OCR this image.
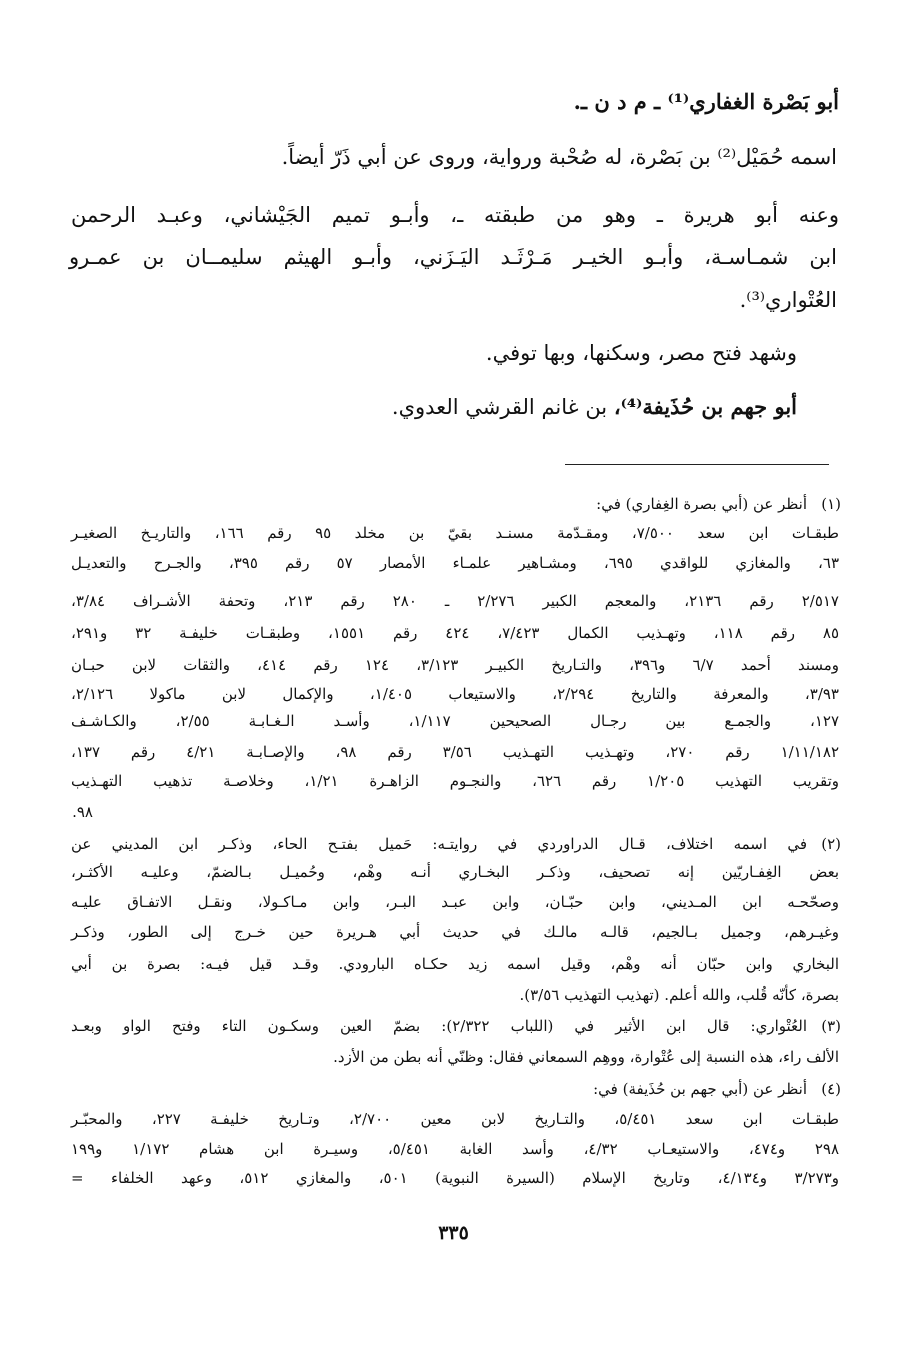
أبو بَصْرة الغفاري⁽¹⁾ ـ م د ن ـ.
اسمه حُمَيْل⁽²⁾ بن بَصْرة، له صُحْبة ورواية، وروى عن أبي ذَرّ أيضاً.
وعنه أبو هريرة ـ وهو من طبقته ـ، وأبـو تميم الجَيْشاني، وعبـد الرحمن
ابن شمـاسـة، وأبـو الخيـر مَـرْثَـد اليَـزَني، وأبـو الهيثم سليمــان بن عمـرو
العُتْواري⁽³⁾.
وشهد فتح مصر، وسكنها، وبها توفي.
أبو جهم بن حُذَيفة⁽⁴⁾، بن غانم القرشي العدوي.
(١)
أنظر عن (أبي بصرة الغِفاري) في:
طبقـات ابن سعد ٧/٥٠٠، ومقـدّمة مسنـد بقيّ بن مخلد ٩٥ رقم ١٦٦، والتاريـخ الصغيـر
٦٣، والمغازي للواقدي ٦٩٥، ومشـاهير علمـاء الأمصار ٥٧ رقم ٣٩٥، والجـرح والتعديـل
٢/٥١٧ رقم ٢١٣٦، والمعجم الكبير ٢/٢٧٦ ـ ٢٨٠ رقم ٢١٣، وتحفة الأشـراف ٣/٨٤،
٨٥ رقم ١١٨، وتهـذيب الكمال ٧/٤٢٣، ٤٢٤ رقم ١٥٥١، وطبقـات خليفـة ٣٢ و٢٩١،
ومسند أحمد ٦/٧ و٣٩٦، والتـاريخ الكبيـر ٣/١٢٣، ١٢٤ رقم ٤١٤، والثقات لابن حبـان
٣/٩٣، والمعرفة والتاريخ ٢/٢٩٤، والاستيعاب ١/٤٠٥، والإكمال لابن ماكولا ٢/١٢٦،
١٢٧، والجمـع بين رجـال الصحيحين ١/١١٧، وأسـد الـغـابـة ٢/٥٥، والكـاشـف
١/١١/١٨٢ رقم ٢٧٠، وتهـذيب التهـذيب ٣/٥٦ رقم ٩٨، والإصـابـة ٤/٢١ رقم ١٣٧،
وتقريب التهذيب ١/٢٠٥ رقم ٦٢٦، والنجـوم الزاهـرة ١/٢١، وخلاصـة تذهيب التهـذيب
٩٨.
(٢)
في اسمه اختلاف، قـال الدراوردي في روايتـه: حَميل بفتـح الحاء، وذكـر ابن المديني عن
بعض الغِفـاريّين إنه تصحيف، وذكـر البخـاري أنـه وهْم، وحُميـل بـالضمّ، وعليـه الأكثـر،
وصحّحـه ابن المـديني، وابن حبّـان، وابن عبـد البـر، وابن مـاكـولا، ونقـل الاتفـاق عليـه
وغيـرهم، وجميل بـالجيم، قالـه مالـك في حديث أبي هـريرة حين خـرج إلى الطور، وذكـر
البخاري وابن حبّان أنه وهْم، وقيل اسمه زيد حكـاه البارودي. وقـد قيل فيـه: بصرة بن أبي
بصرة، كأنّه قُلب، والله أعلم. (تهذيب التهذيب ٣/٥٦).
(٣)
العُتْواري: قال ابن الأثير في (اللباب ٢/٣٢٢): بضمّ العين وسكـون التاء وفتح الواو وبعـد
الألف راء، هذه النسبة إلى عُتْوارة، ووهِم السمعاني فقال: وظنّي أنه بطن من الأزد.
(٤)
أنظر عن (أبي جهم بن حُذَيفة) في:
طبقـات ابن سعد ٥/٤٥١، والتـاريخ لابن معين ٢/٧٠٠، وتـاريخ خليفـة ٢٢٧، والمحبّـر
٢٩٨ و٤٧٤، والاستيعـاب ٤/٣٢، وأسد الغابة ٥/٤٥١، وسيـرة ابن هشام ١/١٧٢ و١٩٩
و٣/٢٧٣ و٤/١٣٤، وتاريخ الإسلام (السيرة النبوية) ٥٠١، والمغازي ٥١٢، وعهد الخلفاء =
٣٣٥
